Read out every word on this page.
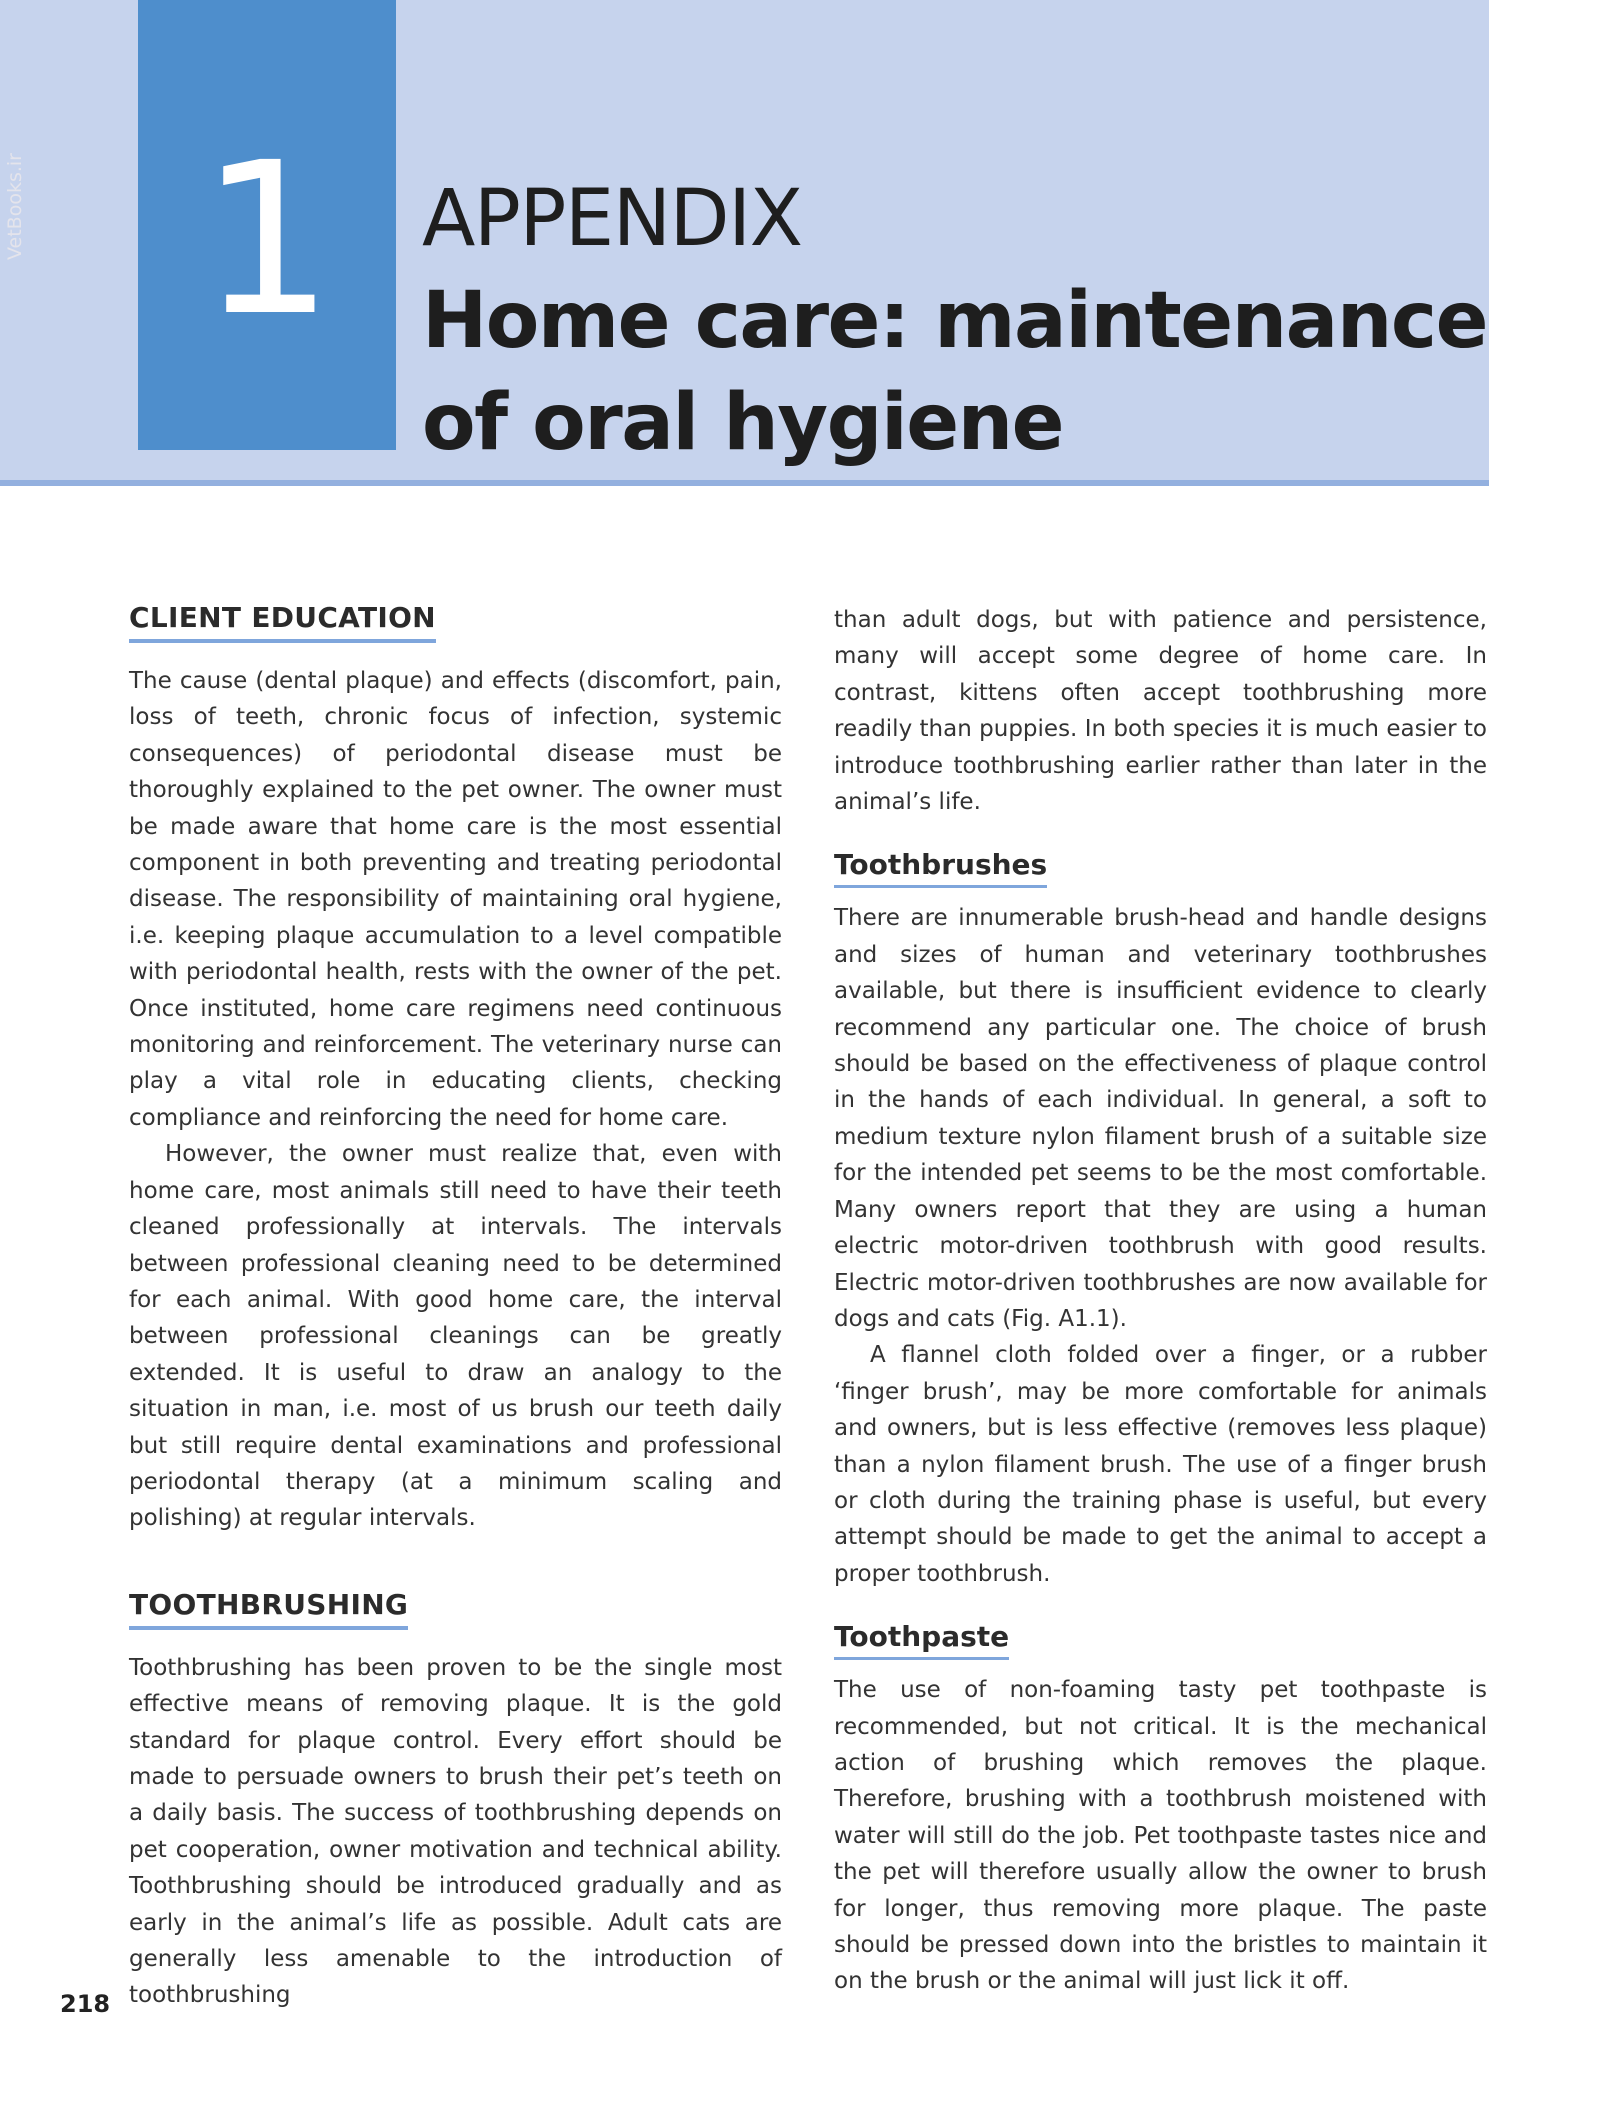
1	APPENDIX
Home care: maintenance
of oral hygiene
CLIENT EDUCATION

The cause (dental plaque) and effects (discomfort, pain, loss of teeth, chronic focus of infection, systemic consequences) of periodontal disease must be thoroughly explained to the pet owner. The owner must be made aware that home care is the most essential component in both preventing and treating periodontal disease. The responsibility of maintaining oral hygiene, i.e. keeping plaque accumulation to a level compatible with periodontal health, rests with the owner of the pet. Once instituted, home care regimens need continuous monitoring and reinforcement. The veterinary nurse can play a vital role in educating clients, checking compliance and reinforcing the need for home care.

However, the owner must realize that, even with home care, most animals still need to have their teeth cleaned professionally at intervals. The intervals between professional cleaning need to be determined for each animal. With good home care, the interval between professional cleanings can be greatly extended. It is useful to draw an analogy to the situation in man, i.e. most of us brush our teeth daily but still require dental examinations and professional periodontal therapy (at a minimum scaling and polishing) at regular intervals.

TOOTHBRUSHING

Toothbrushing has been proven to be the single most effective means of removing plaque. It is the gold standard for plaque control. Every effort should be made to persuade owners to brush their pet’s teeth on a daily basis. The success of toothbrushing depends on pet cooperation, owner motivation and technical ability. Toothbrushing should be introduced gradually and as early in the animal’s life as possible. Adult cats are generally less amenable to the introduction of toothbrushing

than adult dogs, but with patience and persistence, many will accept some degree of home care. In contrast, kittens often accept toothbrushing more readily than puppies. In both species it is much easier to introduce toothbrushing earlier rather than later in the animal’s life.

Toothbrushes

There are innumerable brush-head and handle designs and sizes of human and veterinary toothbrushes available, but there is insufficient evidence to clearly recommend any particular one. The choice of brush should be based on the effectiveness of plaque control in the hands of each individual. In general, a soft to medium texture nylon filament brush of a suitable size for the intended pet seems to be the most comfortable. Many owners report that they are using a human electric motor-driven toothbrush with good results. Electric motor-driven toothbrushes are now available for dogs and cats (Fig. A1.1).

A flannel cloth folded over a finger, or a rubber ‘finger brush’, may be more comfortable for animals and owners, but is less effective (removes less plaque) than a nylon filament brush. The use of a finger brush or cloth during the training phase is useful, but every attempt should be made to get the animal to accept a proper toothbrush.

Toothpaste

The use of non-foaming tasty pet toothpaste is recommended, but not critical. It is the mechanical action of brushing which removes the plaque. Therefore, brushing with a toothbrush moistened with water will still do the job. Pet toothpaste tastes nice and the pet will therefore usually allow the owner to brush for longer, thus removing more plaque. The paste should be pressed down into the bristles to maintain it on the brush or the animal will just lick it off.

218
